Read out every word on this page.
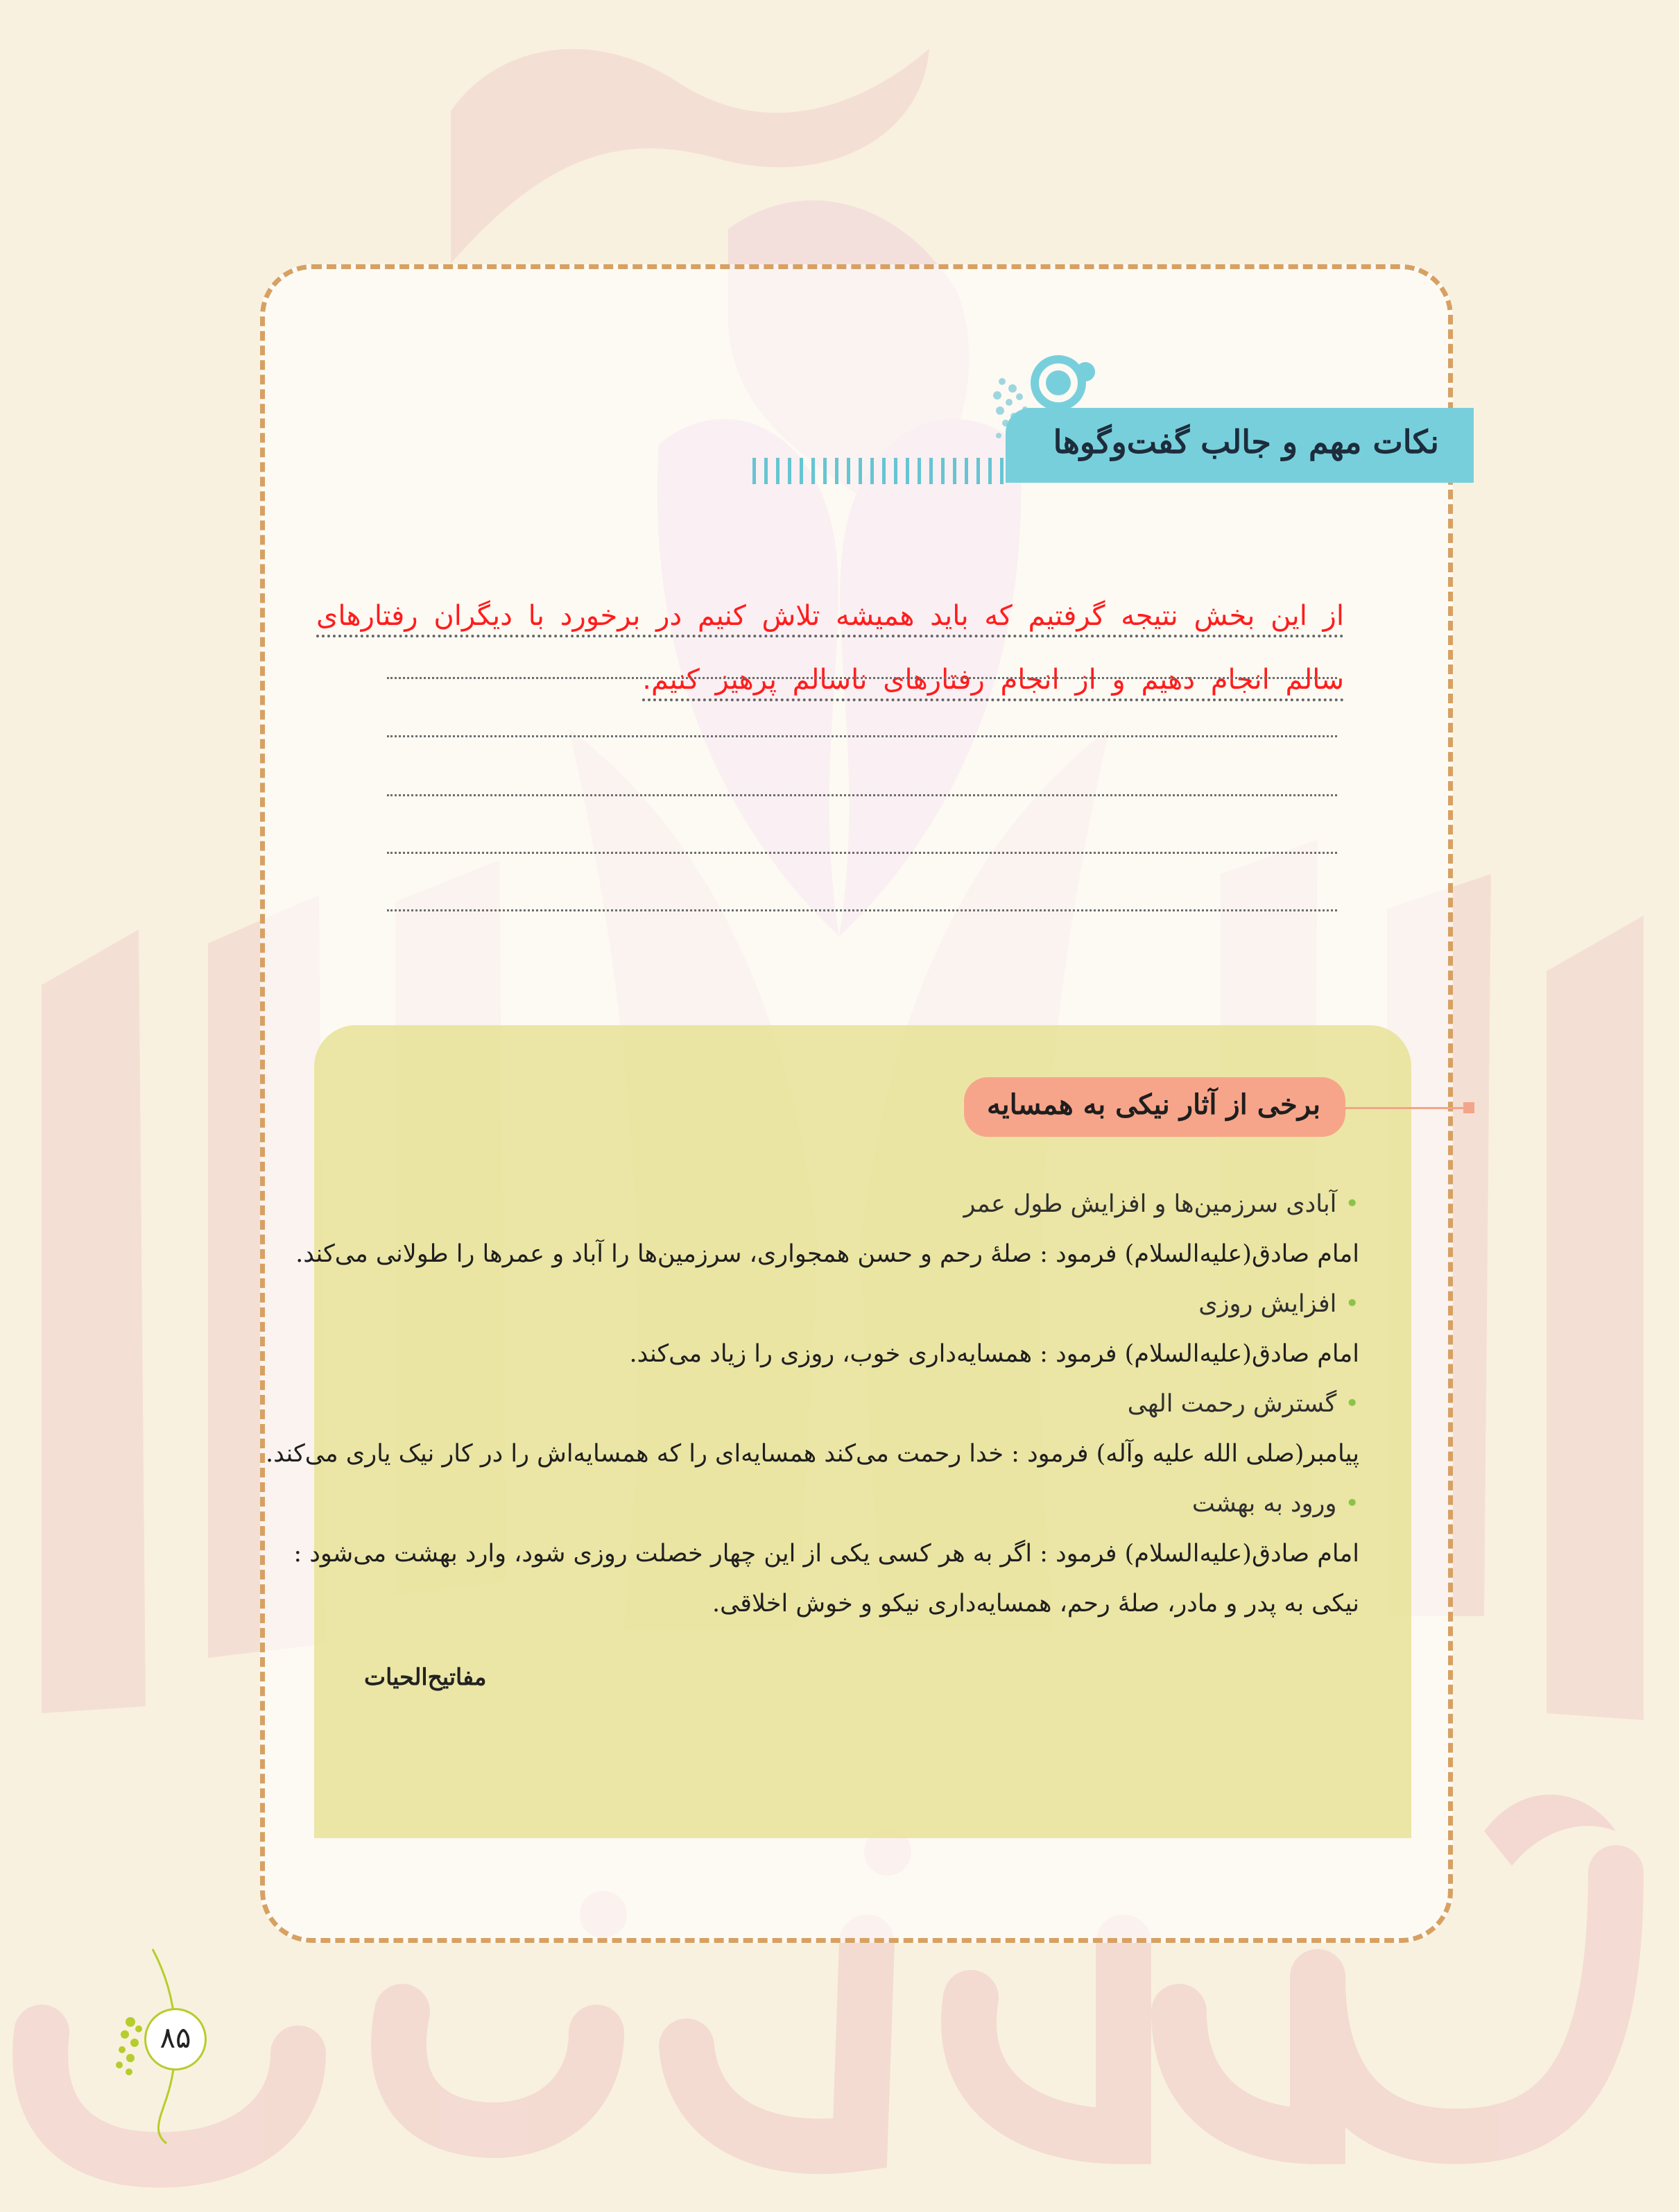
نکات مهم و جالب گفت‌وگوها

از این بخش نتیجه گرفتیم که باید همیشه تلاش کنیم در برخورد با دیگران رفتارهای

سالم انجام دهیم و از انجام رفتارهای ناسالم پرهیز کنیم.

برخی از آثار نیکی به همسایه

• آبادی سرزمین‌ها و افزایش طول عمر

امام صادق(علیه‌السلام) فرمود : صلهٔ رحم و حسن همجواری، سرزمین‌ها را آباد و عمرها را طولانی می‌کند.

• افزایش روزی

امام صادق(علیه‌السلام) فرمود : همسایه‌داری خوب، روزی را زیاد می‌کند.

• گسترش رحمت الهی

پیامبر(صلی الله علیه وآله) فرمود : خدا رحمت می‌کند همسایه‌ای را که همسایه‌اش را در کار نیک یاری می‌کند.

• ورود به بهشت

امام صادق(علیه‌السلام) فرمود : اگر به هر کسی یکی از این چهار خصلت روزی شود، وارد بهشت می‌شود :

نیکی به پدر و مادر، صلهٔ رحم، همسایه‌داری نیکو و خوش اخلاقی.

مفاتیح‌الحیات
۸۵
